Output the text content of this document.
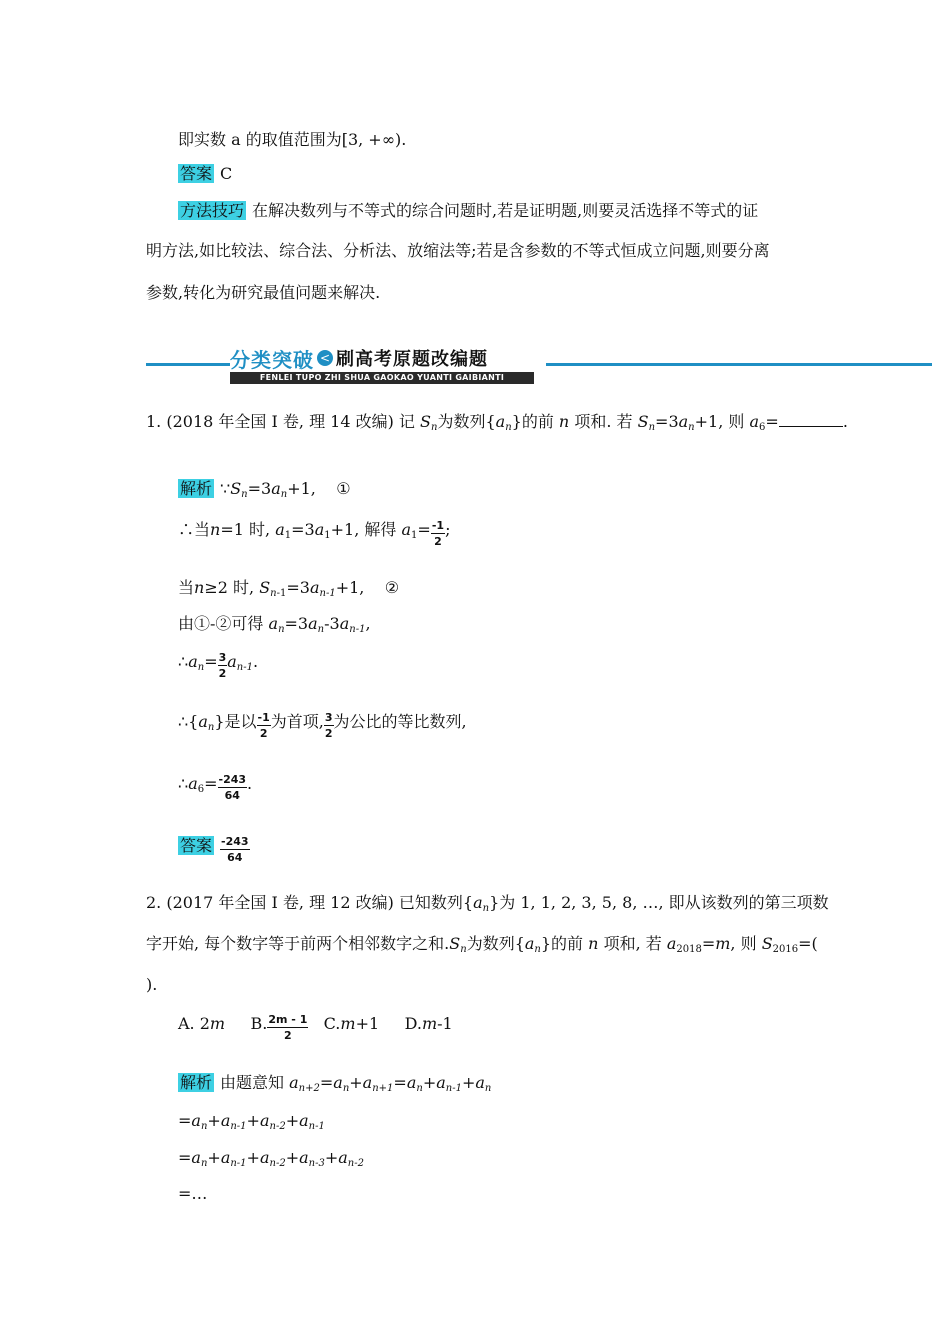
即实数 a 的取值范围为[3, +∞).
答案 C
方法技巧 在解决数列与不等式的综合问题时,若是证明题,则要灵活选择不等式的证
明方法,如比较法、综合法、分析法、放缩法等;若是含参数的不等式恒成立问题,则要分离
参数,转化为研究最值问题来解决.
分类突破 < 刷高考原题改编题
FENLEI TUPO ZHI SHUA GAOKAO YUANTI GAIBIANTI
1. (2018 年全国 Ⅰ 卷, 理 14 改编) 记 $S_n$为数列$\{a_n\}$的前 n 项和. 若 $S_n=3a_n+1$, 则 $a_6=$	.
解析 $\because S_n=3a_n+1$,    ①
∴当n=1 时, $a_1=3a_1+1$, 解得 $a_1= \frac{-1}{2}$ ;
当n≥2 时, $S_{n-1}=3a_{n-1}+1$,    ②
由①-②可得 $a_n=3a_n-3a_{n-1}$,
$\therefore a_n= \frac{3}{2} a_{n-1}$.
$\therefore\{a_n\}$是以 $\frac{-1}{2}$ 为首项, $\frac{3}{2}$ 为公比的等比数列,
$\therefore a_6= \frac{-243}{64}$ .
答案 $\frac{-243}{64}$
2. (2017 年全国 Ⅰ 卷, 理 12 改编) 已知数列$\{a_n\}$为 1, 1, 2, 3, 5, 8, …, 即从该数列的第三项数
字开始, 每个数字等于前两个相邻数字之和$.S_n$为数列$\{a_n\}$的前 n 项和, 若 $a_{2018}=m$, 则 $S_{2016}=$(
).
A. 2m B. $\frac{2m - 1}{2} C.m+1$ D.m-1
解析 由题意知 $a_{n+2}=a_n+a_{n+1}=a_n+a_{n-1}+a_n$
$=a_n+a_{n-1}+a_{n-2}+a_{n-1}$
$=a_n+a_{n-1}+a_{n-2}+a_{n-3}+a_{n-2}$
=…
